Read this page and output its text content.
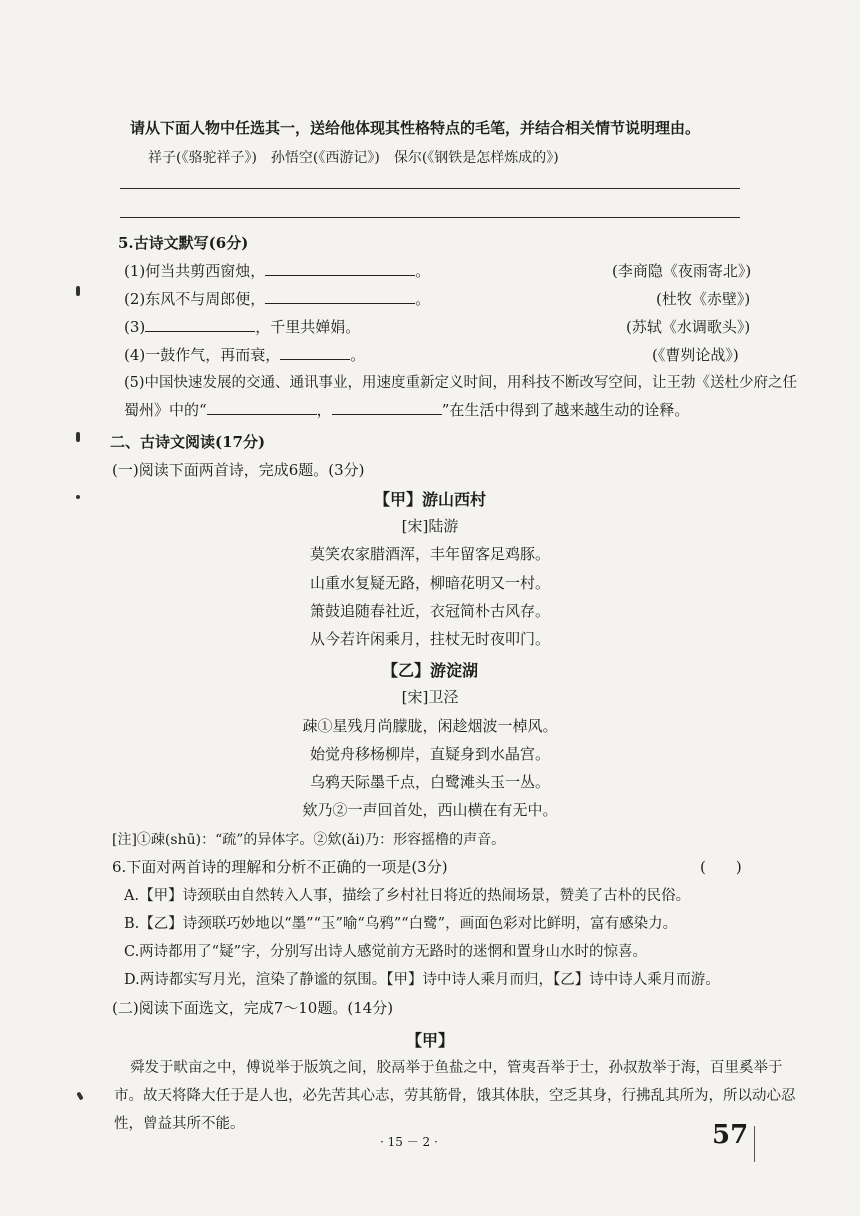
请从下面人物中任选其一，送给他体现其性格特点的毛笔，并结合相关情节说明理由。
祥子(《骆驼祥子》)　孙悟空(《西游记》)　保尔(《钢铁是怎样炼成的》)
5.古诗文默写(6分)
(1)何当共剪西窗烛，	。	(李商隐《夜雨寄北》)
(2)东风不与周郎便，	。	(杜牧《赤壁》)
(3)	，千里共婵娟。	(苏轼《水调歌头》)
(4)一鼓作气，再而衰，	。	(《曹刿论战》)
(5)中国快速发展的交通、通讯事业，用速度重新定义时间，用科技不断改写空间，让王勃《送杜少府之任
蜀州》中的“	，	”在生活中得到了越来越生动的诠释。
二、古诗文阅读(17分)
(一)阅读下面两首诗，完成6题。(3分)
【甲】游山西村
[宋]陆游
莫笑农家腊酒浑，丰年留客足鸡豚。
山重水复疑无路，柳暗花明又一村。
箫鼓追随春社近，衣冠简朴古风存。
从今若许闲乘月，拄杖无时夜叩门。
【乙】游淀湖
[宋]卫泾
疎①星残月尚朦胧，闲趁烟波一棹风。
始觉舟移杨柳岸，直疑身到水晶宫。
乌鸦天际墨千点，白鹭滩头玉一丛。
欸乃②一声回首处，西山横在有无中。
[注]①疎(shū)：“疏”的异体字。②欸(ǎi)乃：形容摇橹的声音。
6.下面对两首诗的理解和分析不正确的一项是(3分)	(　　)
A.【甲】诗颈联由自然转入人事，描绘了乡村社日将近的热闹场景，赞美了古朴的民俗。
B.【乙】诗颈联巧妙地以“墨”“玉”喻“乌鸦”“白鹭”，画面色彩对比鲜明，富有感染力。
C.两诗都用了“疑”字，分别写出诗人感觉前方无路时的迷惘和置身山水时的惊喜。
D.两诗都实写月光，渲染了静谧的氛围。【甲】诗中诗人乘月而归，【乙】诗中诗人乘月而游。
(二)阅读下面选文，完成7～10题。(14分)
【甲】
舜发于畎亩之中，傅说举于版筑之间，胶鬲举于鱼盐之中，管夷吾举于士，孙叔敖举于海，百里奚举于
市。故天将降大任于是人也，必先苦其心志，劳其筋骨，饿其体肤，空乏其身，行拂乱其所为，所以动心忍
性，曾益其所不能。
· 15 － 2 ·	57
